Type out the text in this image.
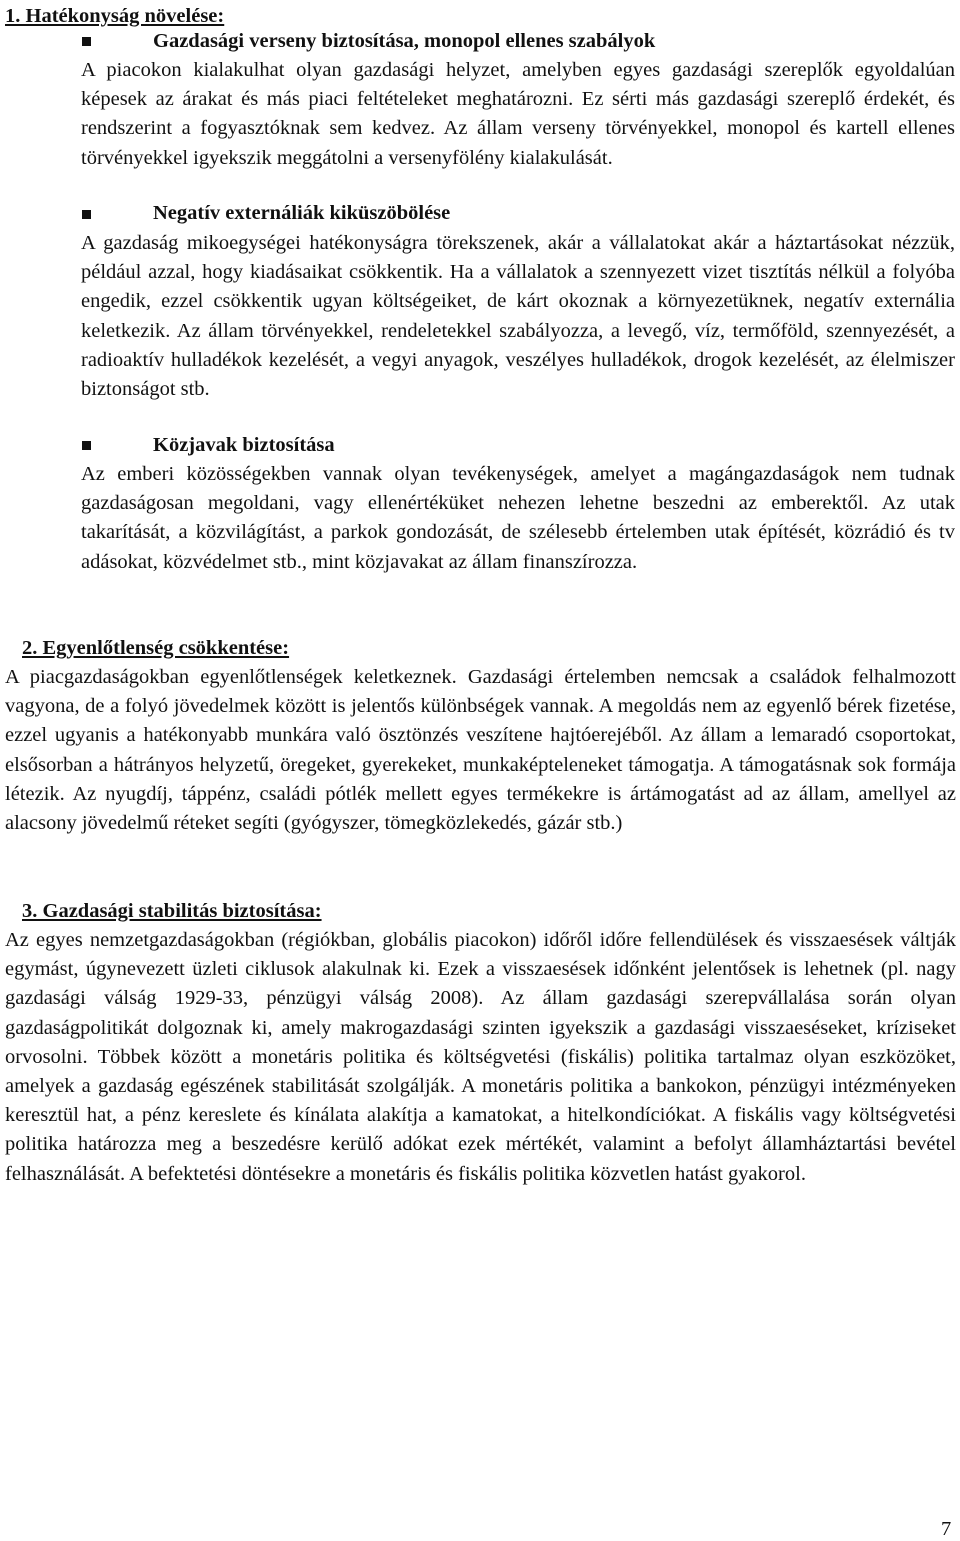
1. Hatékonyság növelése:
Gazdasági verseny biztosítása, monopol ellenes szabályok

A piacokon kialakulhat olyan gazdasági helyzet, amelyben egyes gazdasági szereplők egyoldalúan képesek az árakat és más piaci feltételeket meghatározni. Ez sérti más gazdasági szereplő érdekét, és rendszerint a fogyasztóknak sem kedvez. Az állam verseny törvényekkel, monopol és kartell ellenes törvényekkel igyekszik meggátolni a versenyfölény kialakulását.

Negatív externáliák kiküszöbölése

A gazdaság mikoegységei hatékonyságra törekszenek, akár a vállalatokat akár a háztartásokat nézzük, például azzal, hogy kiadásaikat csökkentik. Ha a vállalatok a szennyezett vizet tisztítás nélkül a folyóba engedik, ezzel csökkentik ugyan költségeiket, de kárt okoznak a környezetüknek, negatív externália keletkezik. Az állam törvényekkel, rendeletekkel szabályozza, a levegő, víz, termőföld, szennyezését, a radioaktív hulladékok kezelését, a vegyi anyagok, veszélyes hulladékok, drogok kezelését, az élelmiszer biztonságot stb.

Közjavak biztosítása

Az emberi közösségekben vannak olyan tevékenységek, amelyet a magángazdaságok nem tudnak gazdaságosan megoldani, vagy ellenértéküket nehezen lehetne beszedni az emberektől. Az utak takarítását, a közvilágítást, a parkok gondozását, de szélesebb értelemben utak építését, közrádió és tv adásokat, közvédelmet stb., mint közjavakat az állam finanszírozza.

2. Egyenlőtlenség csökkentése:

A piacgazdaságokban egyenlőtlenségek keletkeznek. Gazdasági értelemben nemcsak a családok felhalmozott vagyona, de a folyó jövedelmek között is jelentős különbségek vannak. A megoldás nem az egyenlő bérek fizetése, ezzel ugyanis a hatékonyabb munkára való ösztönzés veszítene hajtóerejéből. Az állam a lemaradó csoportokat, elsősorban a hátrányos helyzetű, öregeket, gyerekeket, munkaképteleneket támogatja. A támogatásnak sok formája létezik. Az nyugdíj, táppénz, családi pótlék mellett egyes termékekre is ártámogatást ad az állam, amellyel az alacsony jövedelmű réteket segíti (gyógyszer, tömegközlekedés, gázár stb.)

3. Gazdasági stabilitás biztosítása:

Az egyes nemzetgazdaságokban (régiókban, globális piacokon) időről időre fellendülések és visszaesések váltják egymást, úgynevezett üzleti ciklusok alakulnak ki. Ezek a visszaesések időnként jelentősek is lehetnek (pl. nagy gazdasági válság 1929-33, pénzügyi válság 2008). Az állam gazdasági szerepvállalása során olyan gazdaságpolitikát dolgoznak ki, amely makrogazdasági szinten igyekszik a gazdasági visszaeséseket, kríziseket orvosolni. Többek között a monetáris politika és költségvetési (fiskális) politika tartalmaz olyan eszközöket, amelyek a gazdaság egészének stabilitását szolgálják. A monetáris politika a bankokon, pénzügyi intézményeken keresztül hat, a pénz kereslete és kínálata alakítja a kamatokat, a hitelkondíciókat. A fiskális vagy költségvetési politika határozza meg a beszedésre kerülő adókat ezek mértékét, valamint a befolyt államháztartási bevétel felhasználását. A befektetési döntésekre a monetáris és fiskális politika közvetlen hatást gyakorol.

7
